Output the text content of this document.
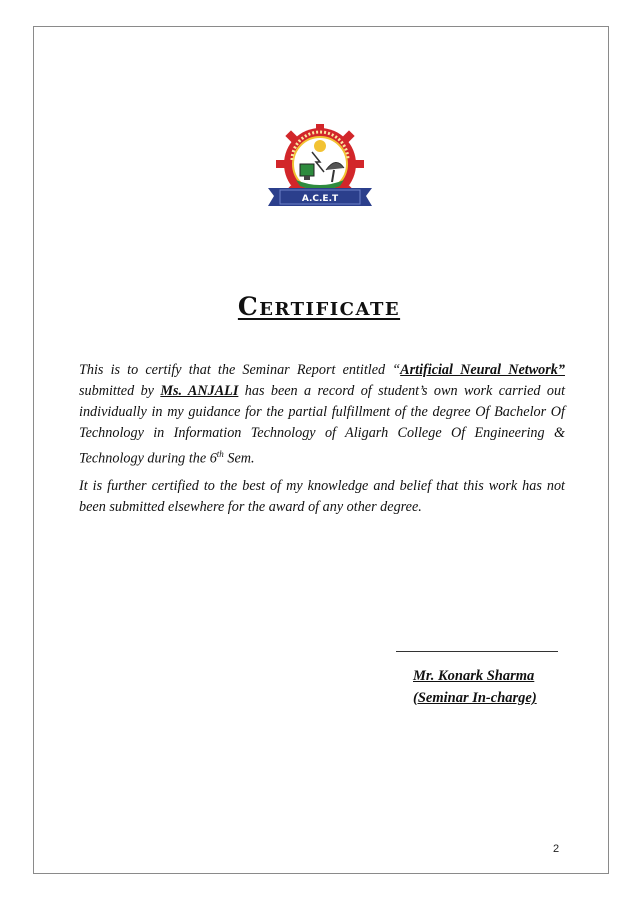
A.C.E.T
Certificate

This is to certify that the Seminar Report entitled “Artificial Neural Network” submitted by Ms. ANJALI has been a record of student’s own work carried out individually in my guidance for the partial fulfillment of the degree Of Bachelor Of Technology in Information Technology of Aligarh College Of Engineering & Technology during the 6th Sem.

It is further certified to the best of my knowledge and belief that this work has not been submitted elsewhere for the award of any other degree.

Mr. Konark Sharma
(Seminar In-charge)
2
